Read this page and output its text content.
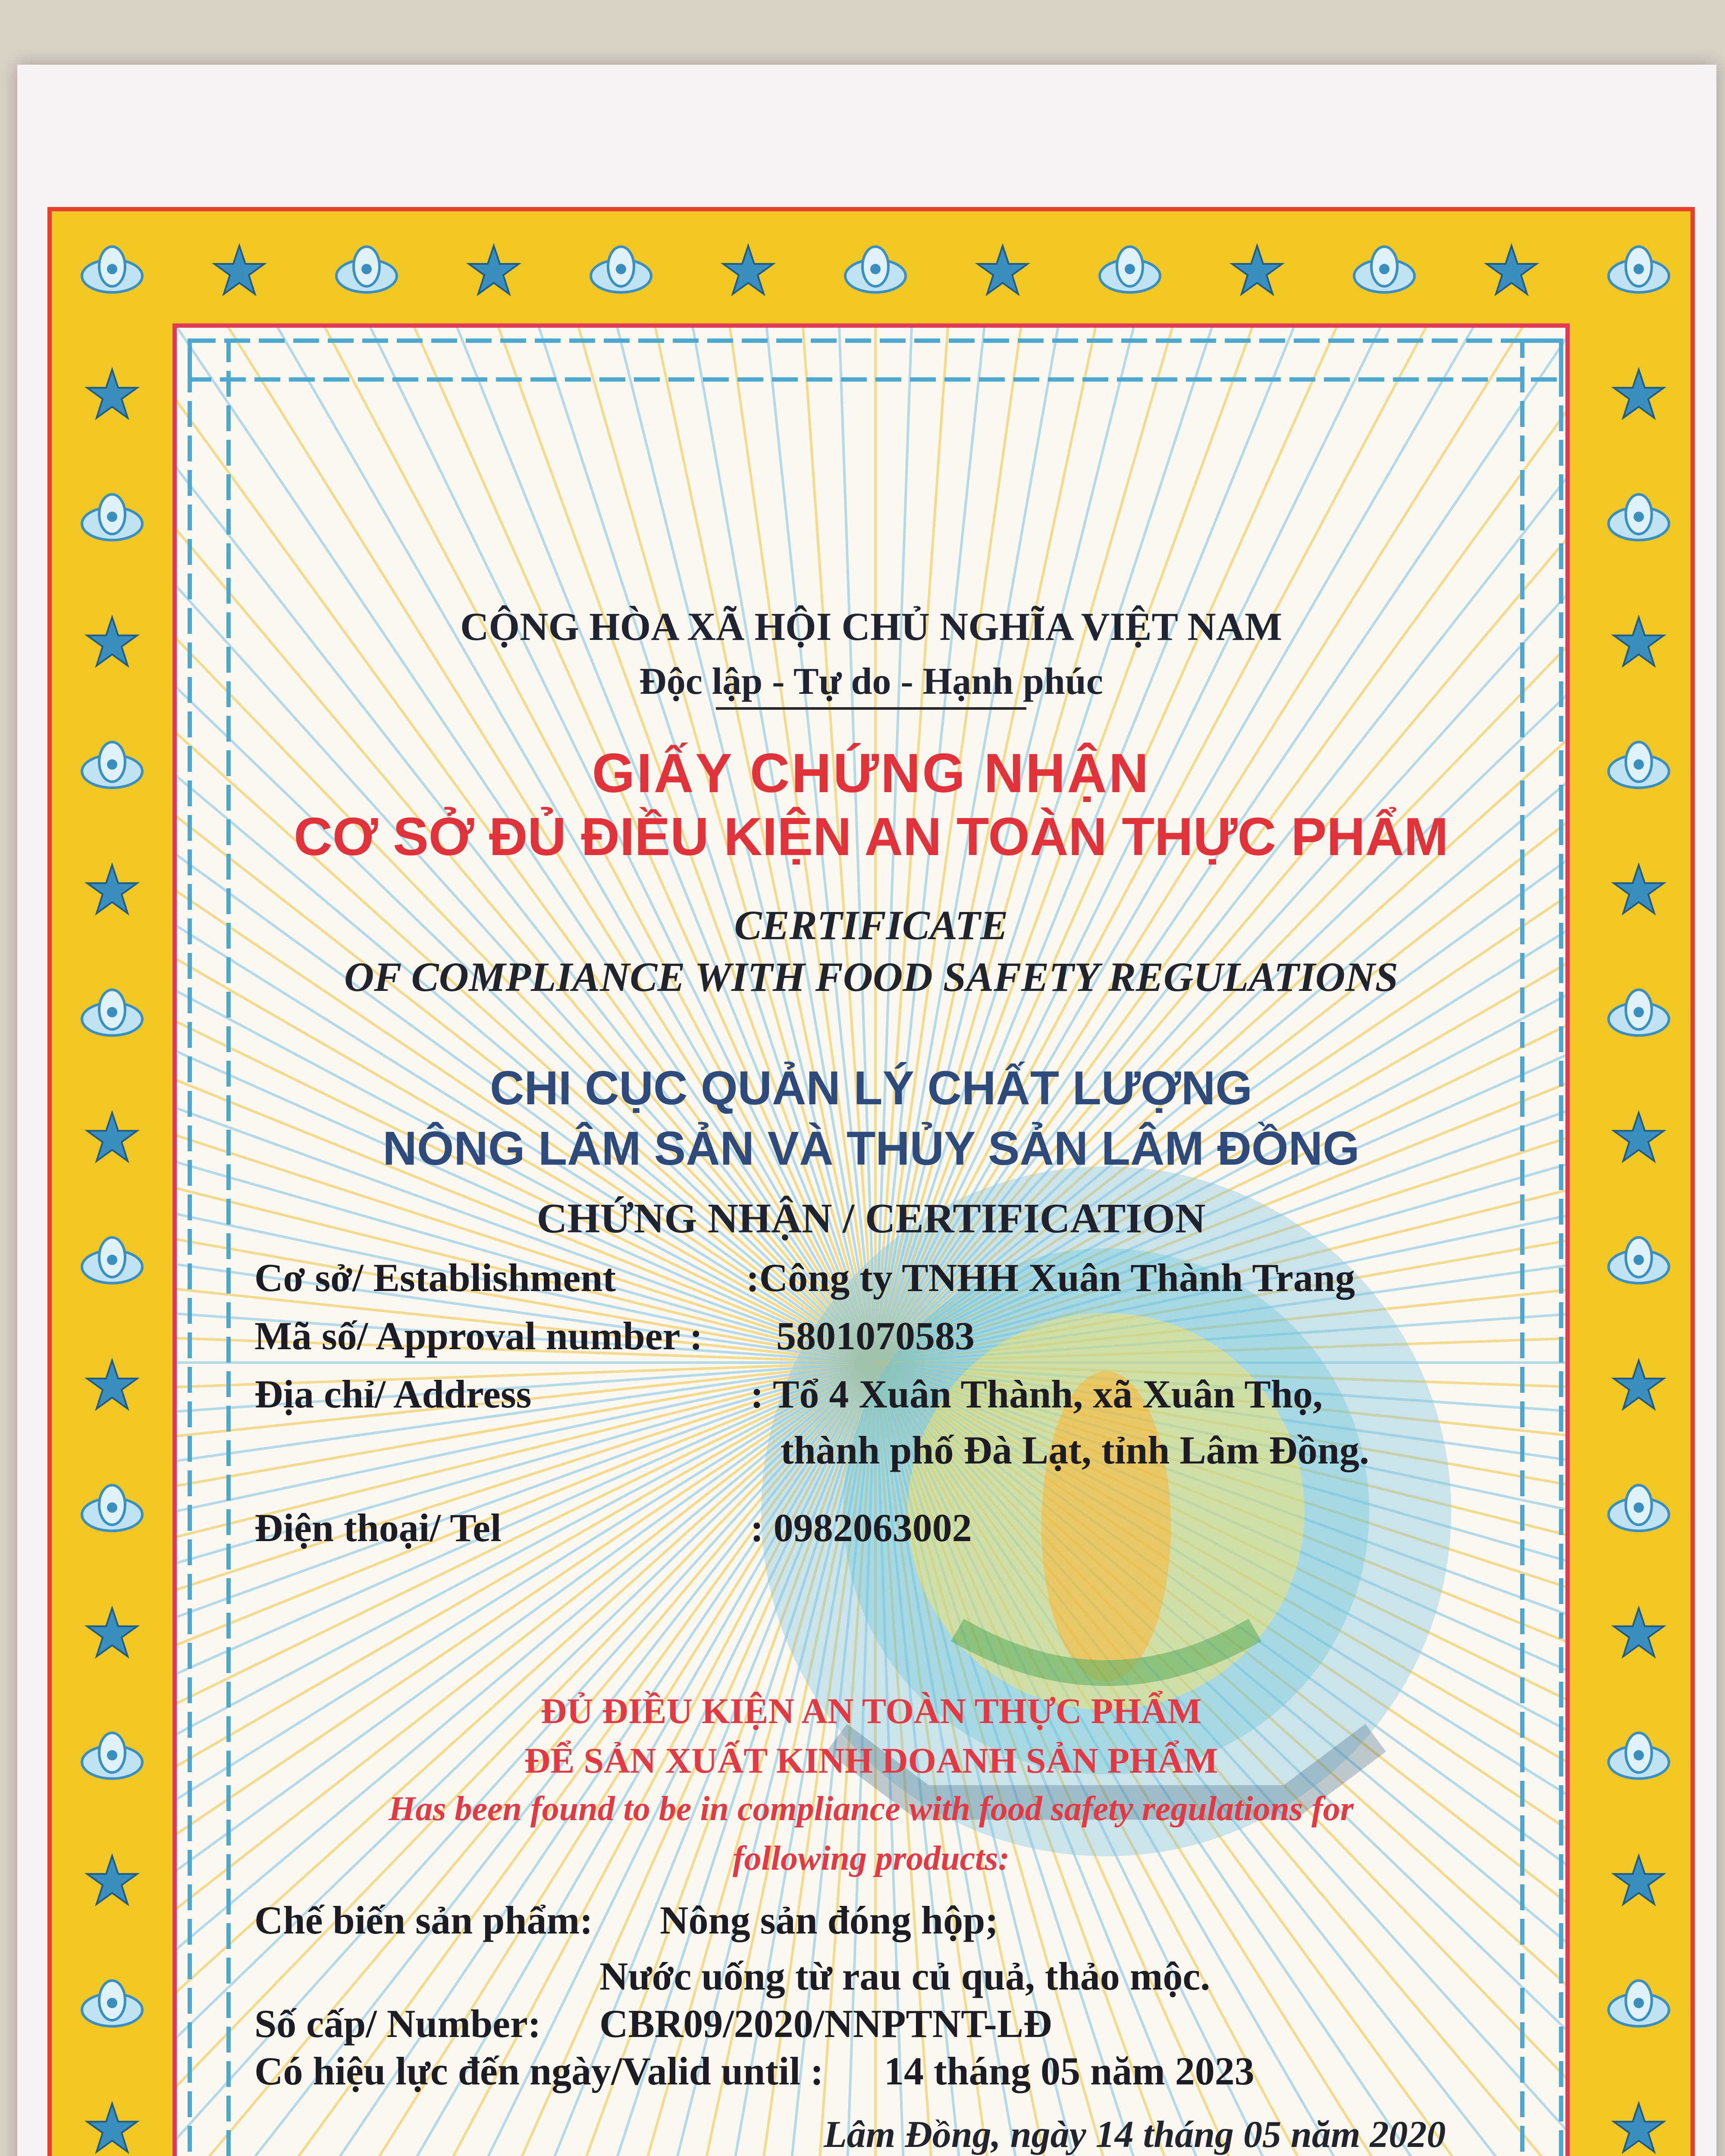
CỘNG HÒA XÃ HỘI CHỦ NGHĨA VIỆT NAM
Độc lập - Tự do - Hạnh phúc
GIẤY CHỨNG NHẬN
CƠ SỞ ĐỦ ĐIỀU KIỆN AN TOÀN THỰC PHẨM
CERTIFICATE
OF COMPLIANCE WITH FOOD SAFETY REGULATIONS
CHI CỤC QUẢN LÝ CHẤT LƯỢNG
NÔNG LÂM SẢN VÀ THỦY SẢN LÂM ĐỒNG
CHỨNG NHẬN / CERTIFICATION
Cơ sở/ Establishment	:Công ty TNHH Xuân Thành Trang
Mã số/ Approval number : 5801070583
Địa chỉ/ Address	: Tổ 4 Xuân Thành, xã Xuân Thọ,
thành phố Đà Lạt, tỉnh Lâm Đồng.
Điện thoại/ Tel	: 0982063002
ĐỦ ĐIỀU KIỆN AN TOÀN THỰC PHẨM
ĐỂ SẢN XUẤT KINH DOANH SẢN PHẨM
Has been found to be in compliance with food safety regulations for
following products:
Chế biến sản phẩm: Nông sản đóng hộp;
Nước uống từ rau củ quả, thảo mộc.
Số cấp/ Number: CBR09/2020/NNPTNT-LĐ
Có hiệu lực đến ngày/Valid until : 14 tháng 05 năm 2023
Lâm Đồng, ngày 14 tháng 05 năm 2020
